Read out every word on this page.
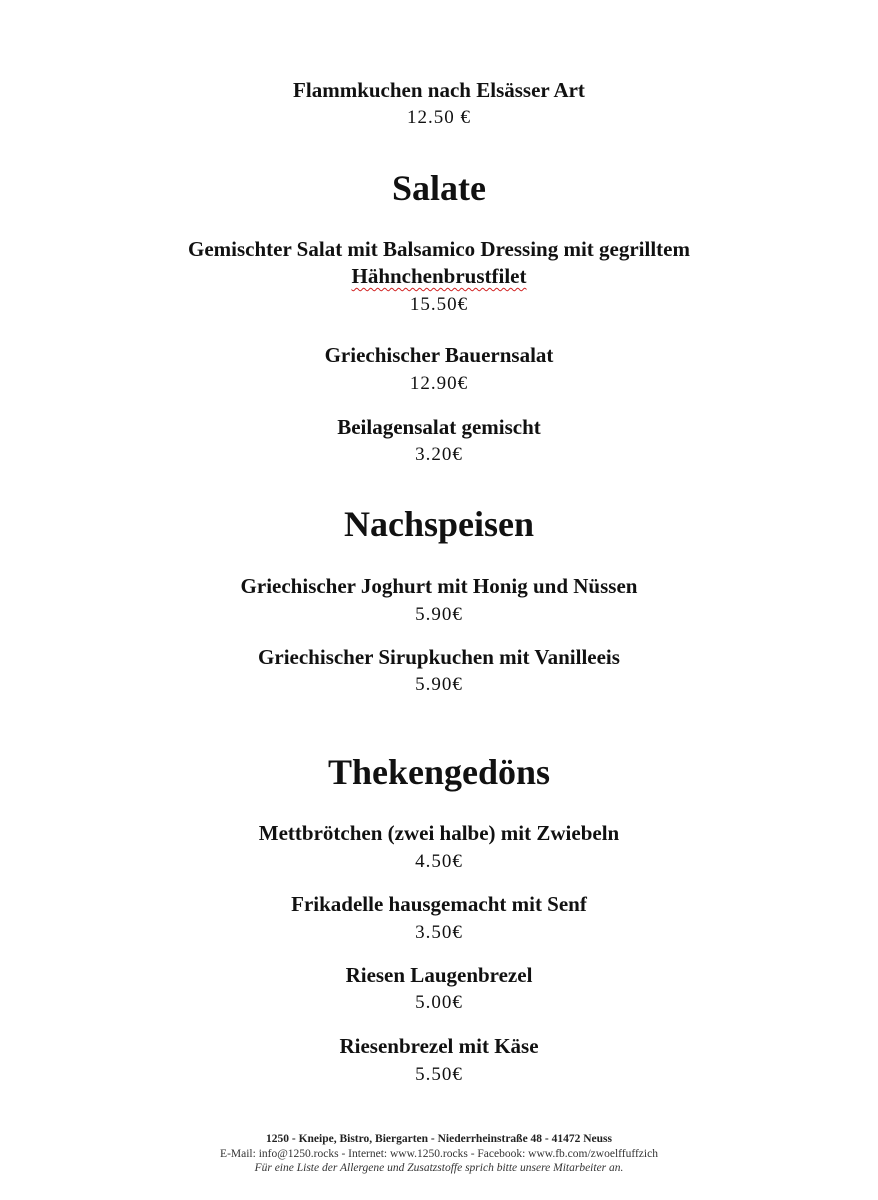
Flammkuchen nach Elsässer Art
12.50 €
Salate
Gemischter Salat mit Balsamico Dressing mit gegrilltem
Hähnchenbrustfilet
15.50€
Griechischer Bauernsalat
12.90€
Beilagensalat gemischt
3.20€
Nachspeisen
Griechischer Joghurt mit Honig und Nüssen
5.90€
Griechischer Sirupkuchen mit Vanilleeis
5.90€
Thekengedöns
Mettbrötchen (zwei halbe) mit Zwiebeln
4.50€
Frikadelle hausgemacht mit Senf
3.50€
Riesen Laugenbrezel
5.00€
Riesenbrezel mit Käse
5.50€
1250 - Kneipe, Bistro, Biergarten - Niederrheinstraße 48 - 41472 Neuss
E-Mail: info@1250.rocks - Internet: www.1250.rocks - Facebook: www.fb.com/zwoelffuffzich
Für eine Liste der Allergene und Zusatzstoffe sprich bitte unsere Mitarbeiter an.
